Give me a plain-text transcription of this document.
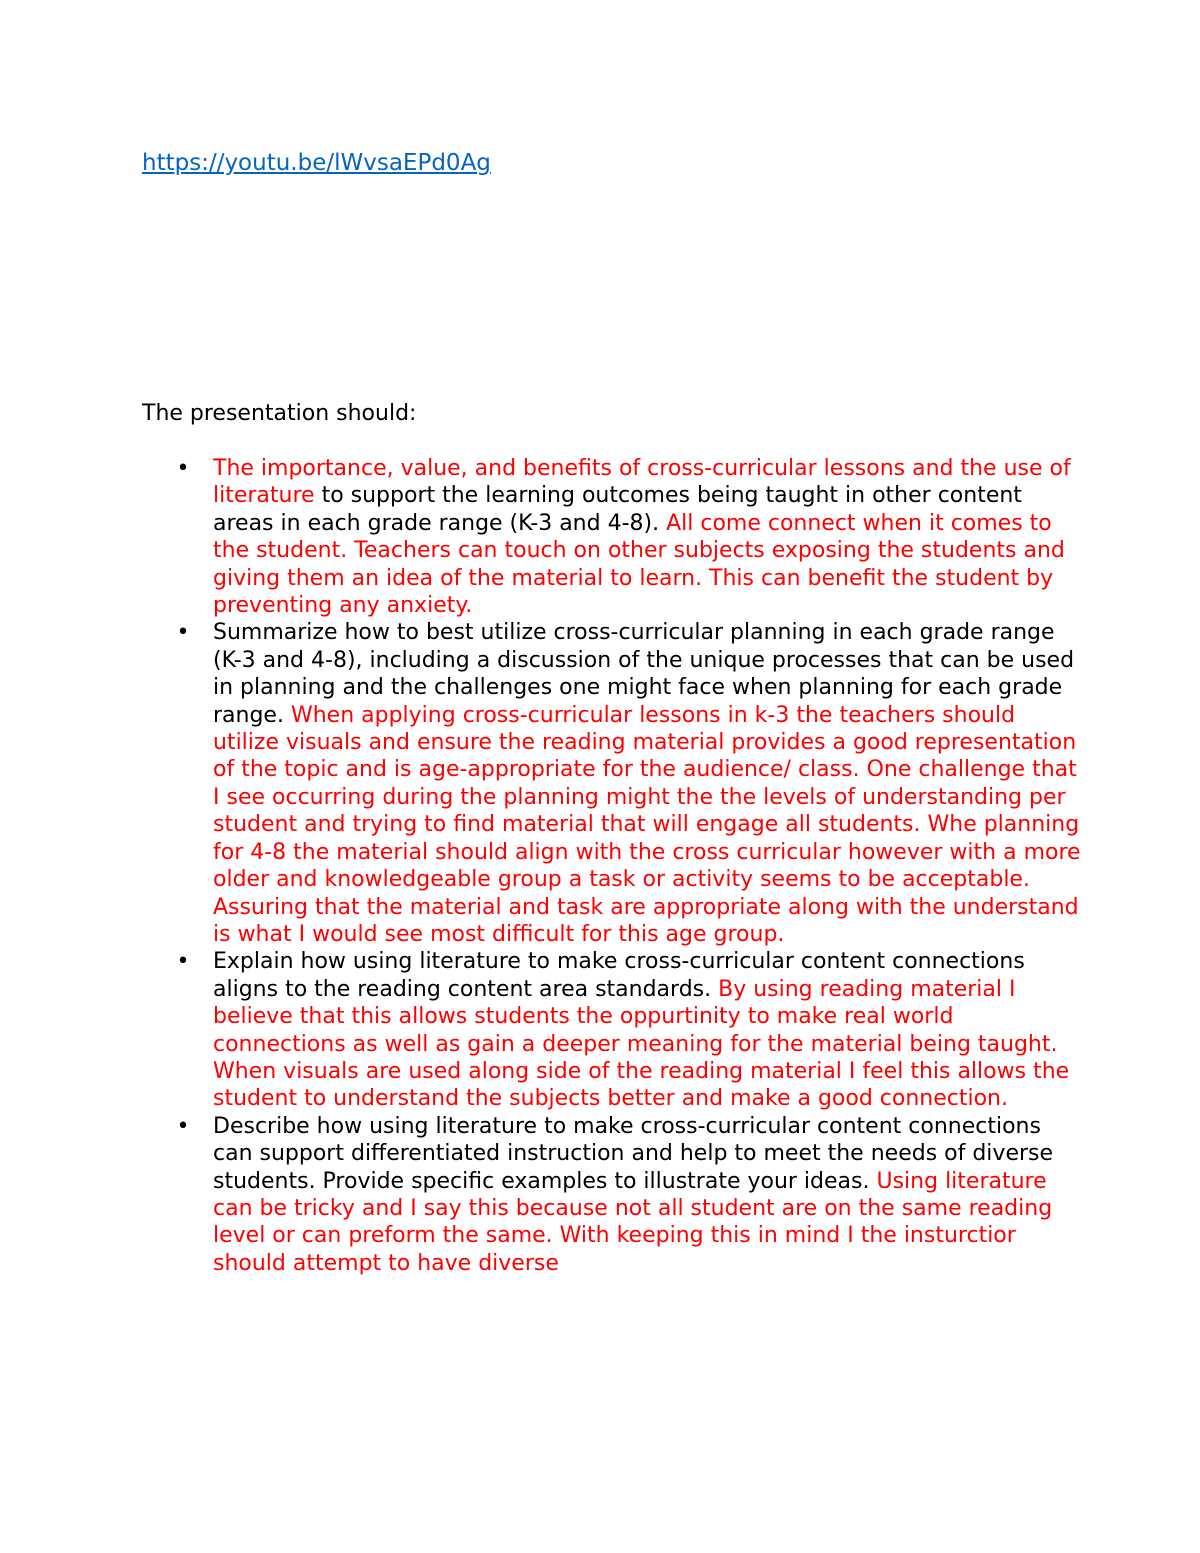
https://youtu.be/lWvsaEPd0Ag
The presentation should:
• The importance, value, and benefits of cross-curricular lessons and the use of literature to support the learning outcomes being taught in other content areas in each grade range (K-3 and 4-8). All come connect when it comes to the student. Teachers can touch on other subjects exposing the students and giving them an idea of the material to learn. This can benefit the student by preventing any anxiety.
• Summarize how to best utilize cross-curricular planning in each grade range (K-3 and 4-8), including a discussion of the unique processes that can be used in planning and the challenges one might face when planning for each grade range. When applying cross-curricular lessons in k-3 the teachers should utilize visuals and ensure the reading material provides a good representation of the topic and is age-appropriate for the audience/ class. One challenge that I see occurring during the planning might the the levels of understanding per student and trying to find material that will engage all students. Whe planning for 4-8 the material should align with the cross curricular however with a more older and knowledgeable group a task or activity seems to be acceptable. Assuring that the material and task are appropriate along with the understand is what I would see most difficult for this age group.
• Explain how using literature to make cross-curricular content connections aligns to the reading content area standards. By using reading material I believe that this allows students the oppurtinity to make real world connections as well as gain a deeper meaning for the material being taught. When visuals are used along side of the reading material I feel this allows the student to understand the subjects better and make a good connection.
• Describe how using literature to make cross-curricular content connections can support differentiated instruction and help to meet the needs of diverse students. Provide specific examples to illustrate your ideas. Using literature can be tricky and I say this because not all student are on the same reading level or can preform the same. With keeping this in mind I the insturctior should attempt to have diverse
